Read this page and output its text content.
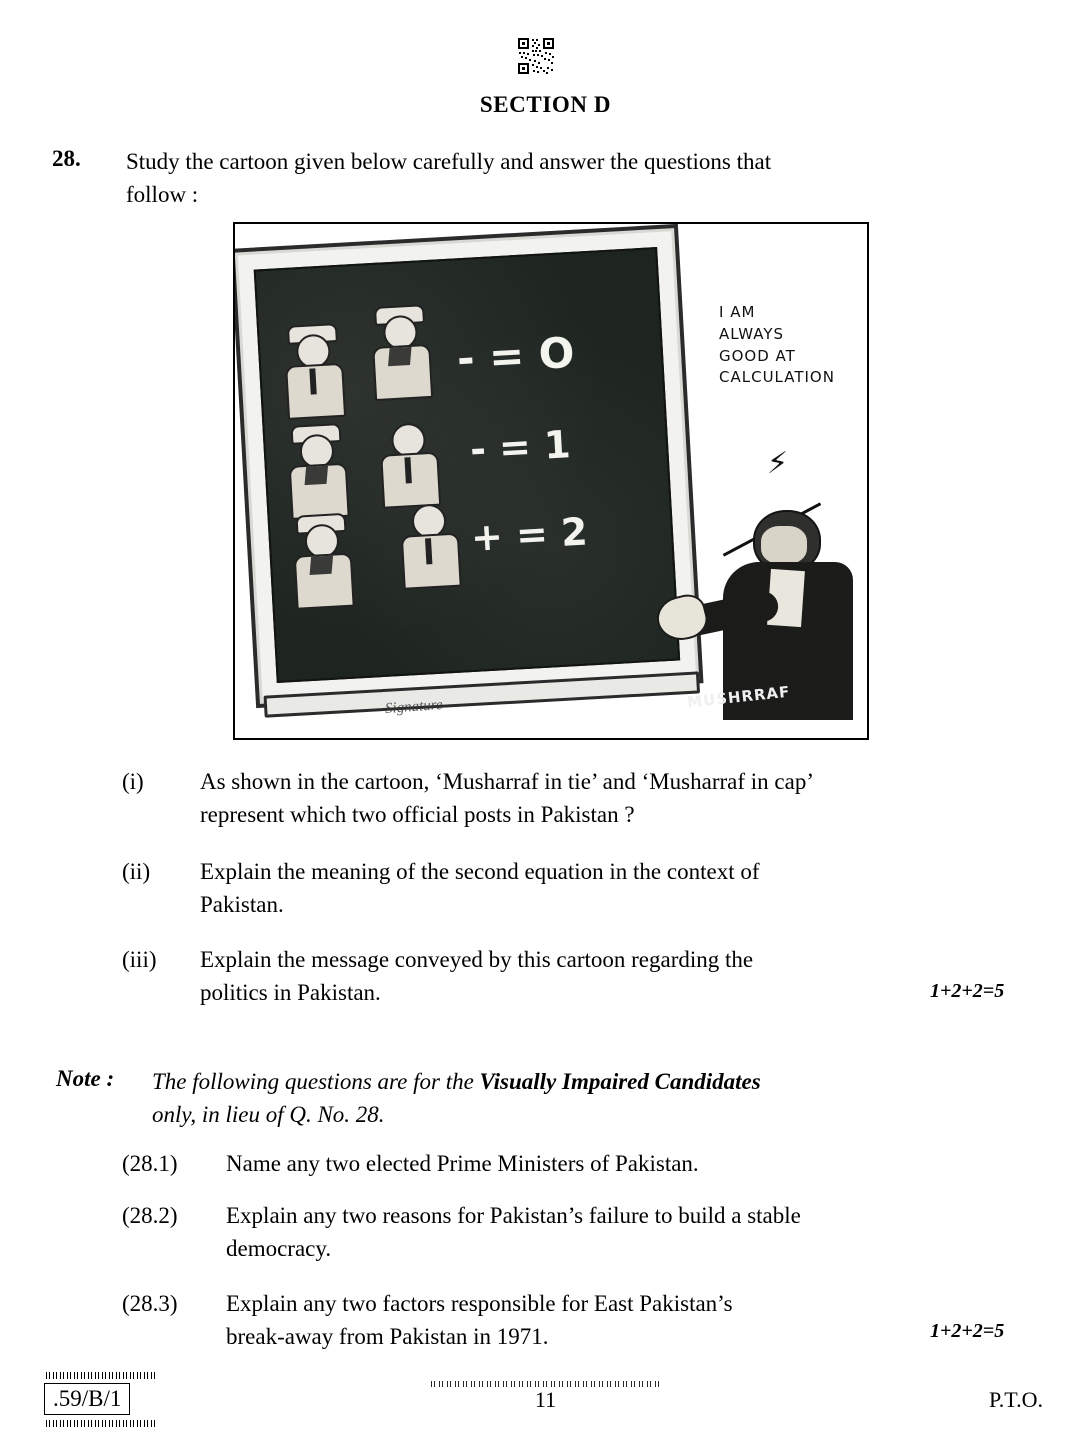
SECTION D
28. Study the cartoon given below carefully and answer the questions that
follow :
- = O
- = 1
+ = 2
I AM
ALWAYS
GOOD AT
CALCULATION
⚡
MUSHRRAF
Signature
(i)	As shown in the cartoon, ‘Musharraf in tie’ and ‘Musharraf in cap’
represent which two official posts in Pakistan ?
(ii)	Explain the meaning of the second equation in the context of
Pakistan.
(iii)	Explain the message conveyed by this cartoon regarding the
politics in Pakistan.	1+2+2=5
Note : The following questions are for the Visually Impaired Candidates
only, in lieu of Q. No. 28.
(28.1)	Name any two elected Prime Ministers of Pakistan.
(28.2)	Explain any two reasons for Pakistan’s failure to build a stable
democracy.
(28.3)	Explain any two factors responsible for East Pakistan’s
break-away from Pakistan in 1971.	1+2+2=5
.59/B/1	11	P.T.O.
